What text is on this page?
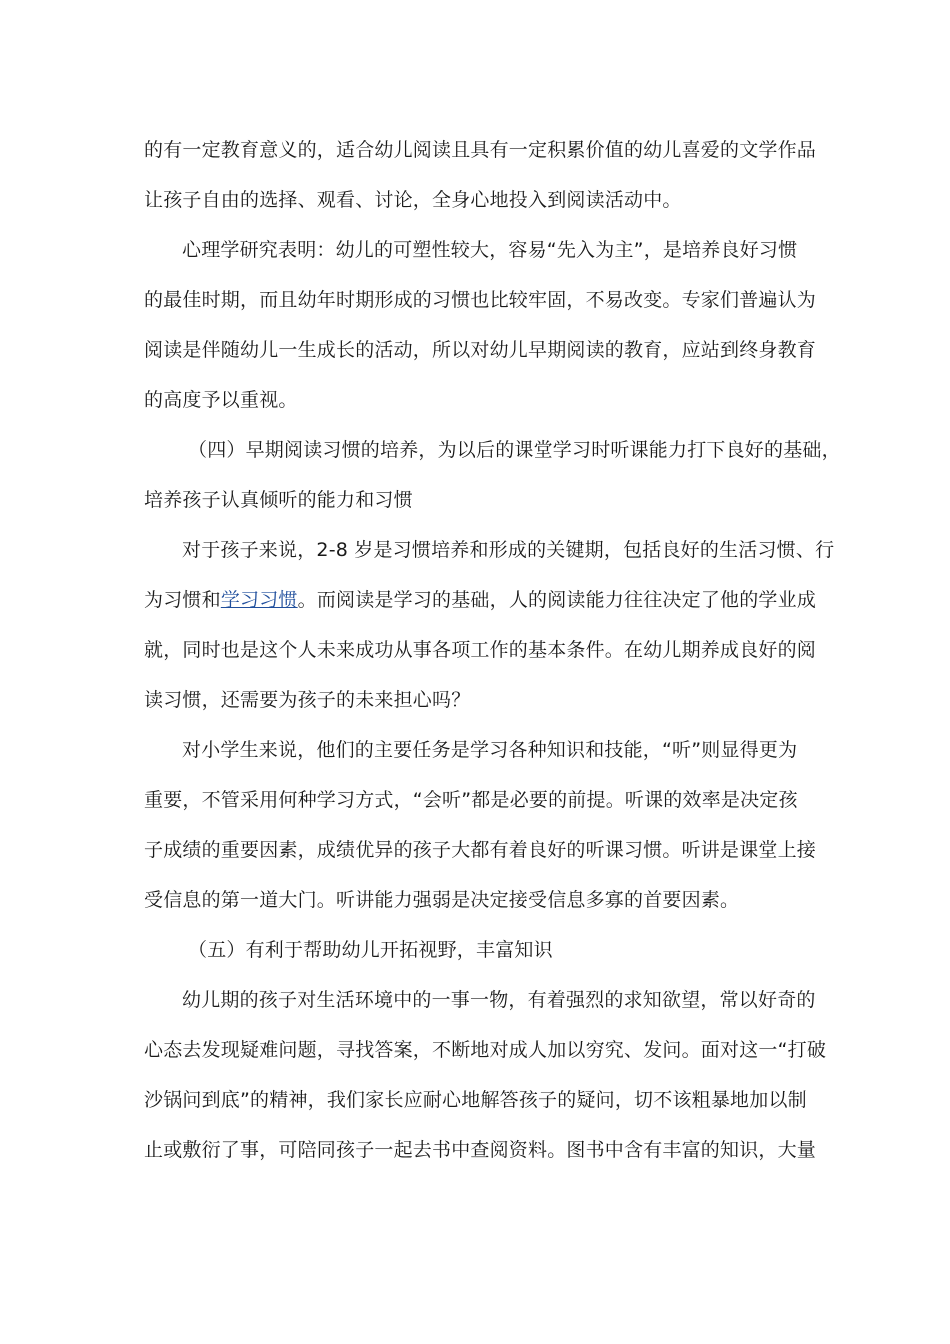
的有一定教育意义的，适合幼儿阅读且具有一定积累价值的幼儿喜爱的文学作品
让孩子自由的选择、观看、讨论，全身心地投入到阅读活动中。
心理学研究表明：幼儿的可塑性较大，容易“先入为主”，是培养良好习惯
的最佳时期，而且幼年时期形成的习惯也比较牢固，不易改变。专家们普遍认为
阅读是伴随幼儿一生成长的活动，所以对幼儿早期阅读的教育，应站到终身教育
的高度予以重视。
（四）早期阅读习惯的培养，为以后的课堂学习时听课能力打下良好的基础，
培养孩子认真倾听的能力和习惯
对于孩子来说，2-8 岁是习惯培养和形成的关键期，包括良好的生活习惯、行
为习惯和学习习惯。而阅读是学习的基础，人的阅读能力往往决定了他的学业成
就，同时也是这个人未来成功从事各项工作的基本条件。在幼儿期养成良好的阅
读习惯，还需要为孩子的未来担心吗？
对小学生来说，他们的主要任务是学习各种知识和技能，“听”则显得更为
重要，不管采用何种学习方式，“会听”都是必要的前提。听课的效率是决定孩
子成绩的重要因素，成绩优异的孩子大都有着良好的听课习惯。听讲是课堂上接
受信息的第一道大门。听讲能力强弱是决定接受信息多寡的首要因素。
（五）有利于帮助幼儿开拓视野，丰富知识
幼儿期的孩子对生活环境中的一事一物，有着强烈的求知欲望，常以好奇的
心态去发现疑难问题，寻找答案，不断地对成人加以穷究、发问。面对这一“打破
沙锅问到底”的精神，我们家长应耐心地解答孩子的疑问，切不该粗暴地加以制
止或敷衍了事，可陪同孩子一起去书中查阅资料。图书中含有丰富的知识，大量
